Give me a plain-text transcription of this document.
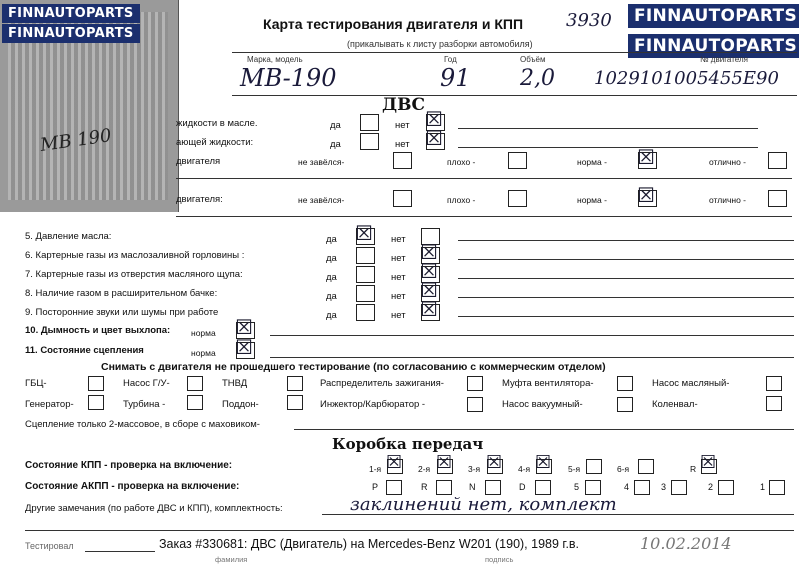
MB 190
FINNAUTOPARTS
FINNAUTOPARTS
FINNAUTOPARTS
FINNAUTOPARTS
Карта тестирования двигателя и КПП 3930
(прикалывать к листу разборки автомобиля)
Марка, модель	Год	Объём	№ двигателя
MB-190	91 2,0 1029101005455E90
ДВС
жидкости в масле.	да	нет ☒
ающей жидкости:	да	нет ☒
двигателя	не завёлся-	плохо -	норма - ☒	отлично -
двигателя:	не завёлся-	плохо -	норма - ☒	отлично -
5. Давление масла:	да ☒ нет
6. Картерные газы из маслозаливной горловины :	да	нет ☒
7. Картерные газы из отверстия масляного щупа:	да	нет ☒
8. Наличие газом в расширительном бачке:	да	нет ☒
9. Посторонние звуки или шумы при работе	да	нет ☒
10. Дымность и цвет выхлопа: норма ☒
11. Состояние сцепления	норма ☒
Снимать с двигателя не прошедшего тестирование (по согласованию с коммерческим отделом)
ГБЦ-	Насос Г/У-	ТНВД	Распределитель зажигания-	Муфта вентилятора-	Насос масляный-
Генератор-	Турбина -	Поддон-	Инжектор/Карбюратор -	Насос вакуумный-	Коленвал-
Сцепление только 2-массовое, в сборе с маховиком-
Коробка передач
Состояние КПП - проверка на включение:	1-я ☒ 2-я ☒ 3-я ☒ 4-я ☒ 5-я	6-я	R ☒
Состояние АКПП - проверка на включение:	P	R	N	D	5	4	3	2	1
Другие замечания (по работе ДВС и КПП), комплектность:	заклинений нет, комплект
Тестировал
фамилия	подпись
10.02.2014
Заказ #330681: ДВС (Двигатель) на Mercedes-Benz W201 (190), 1989 г.в.
